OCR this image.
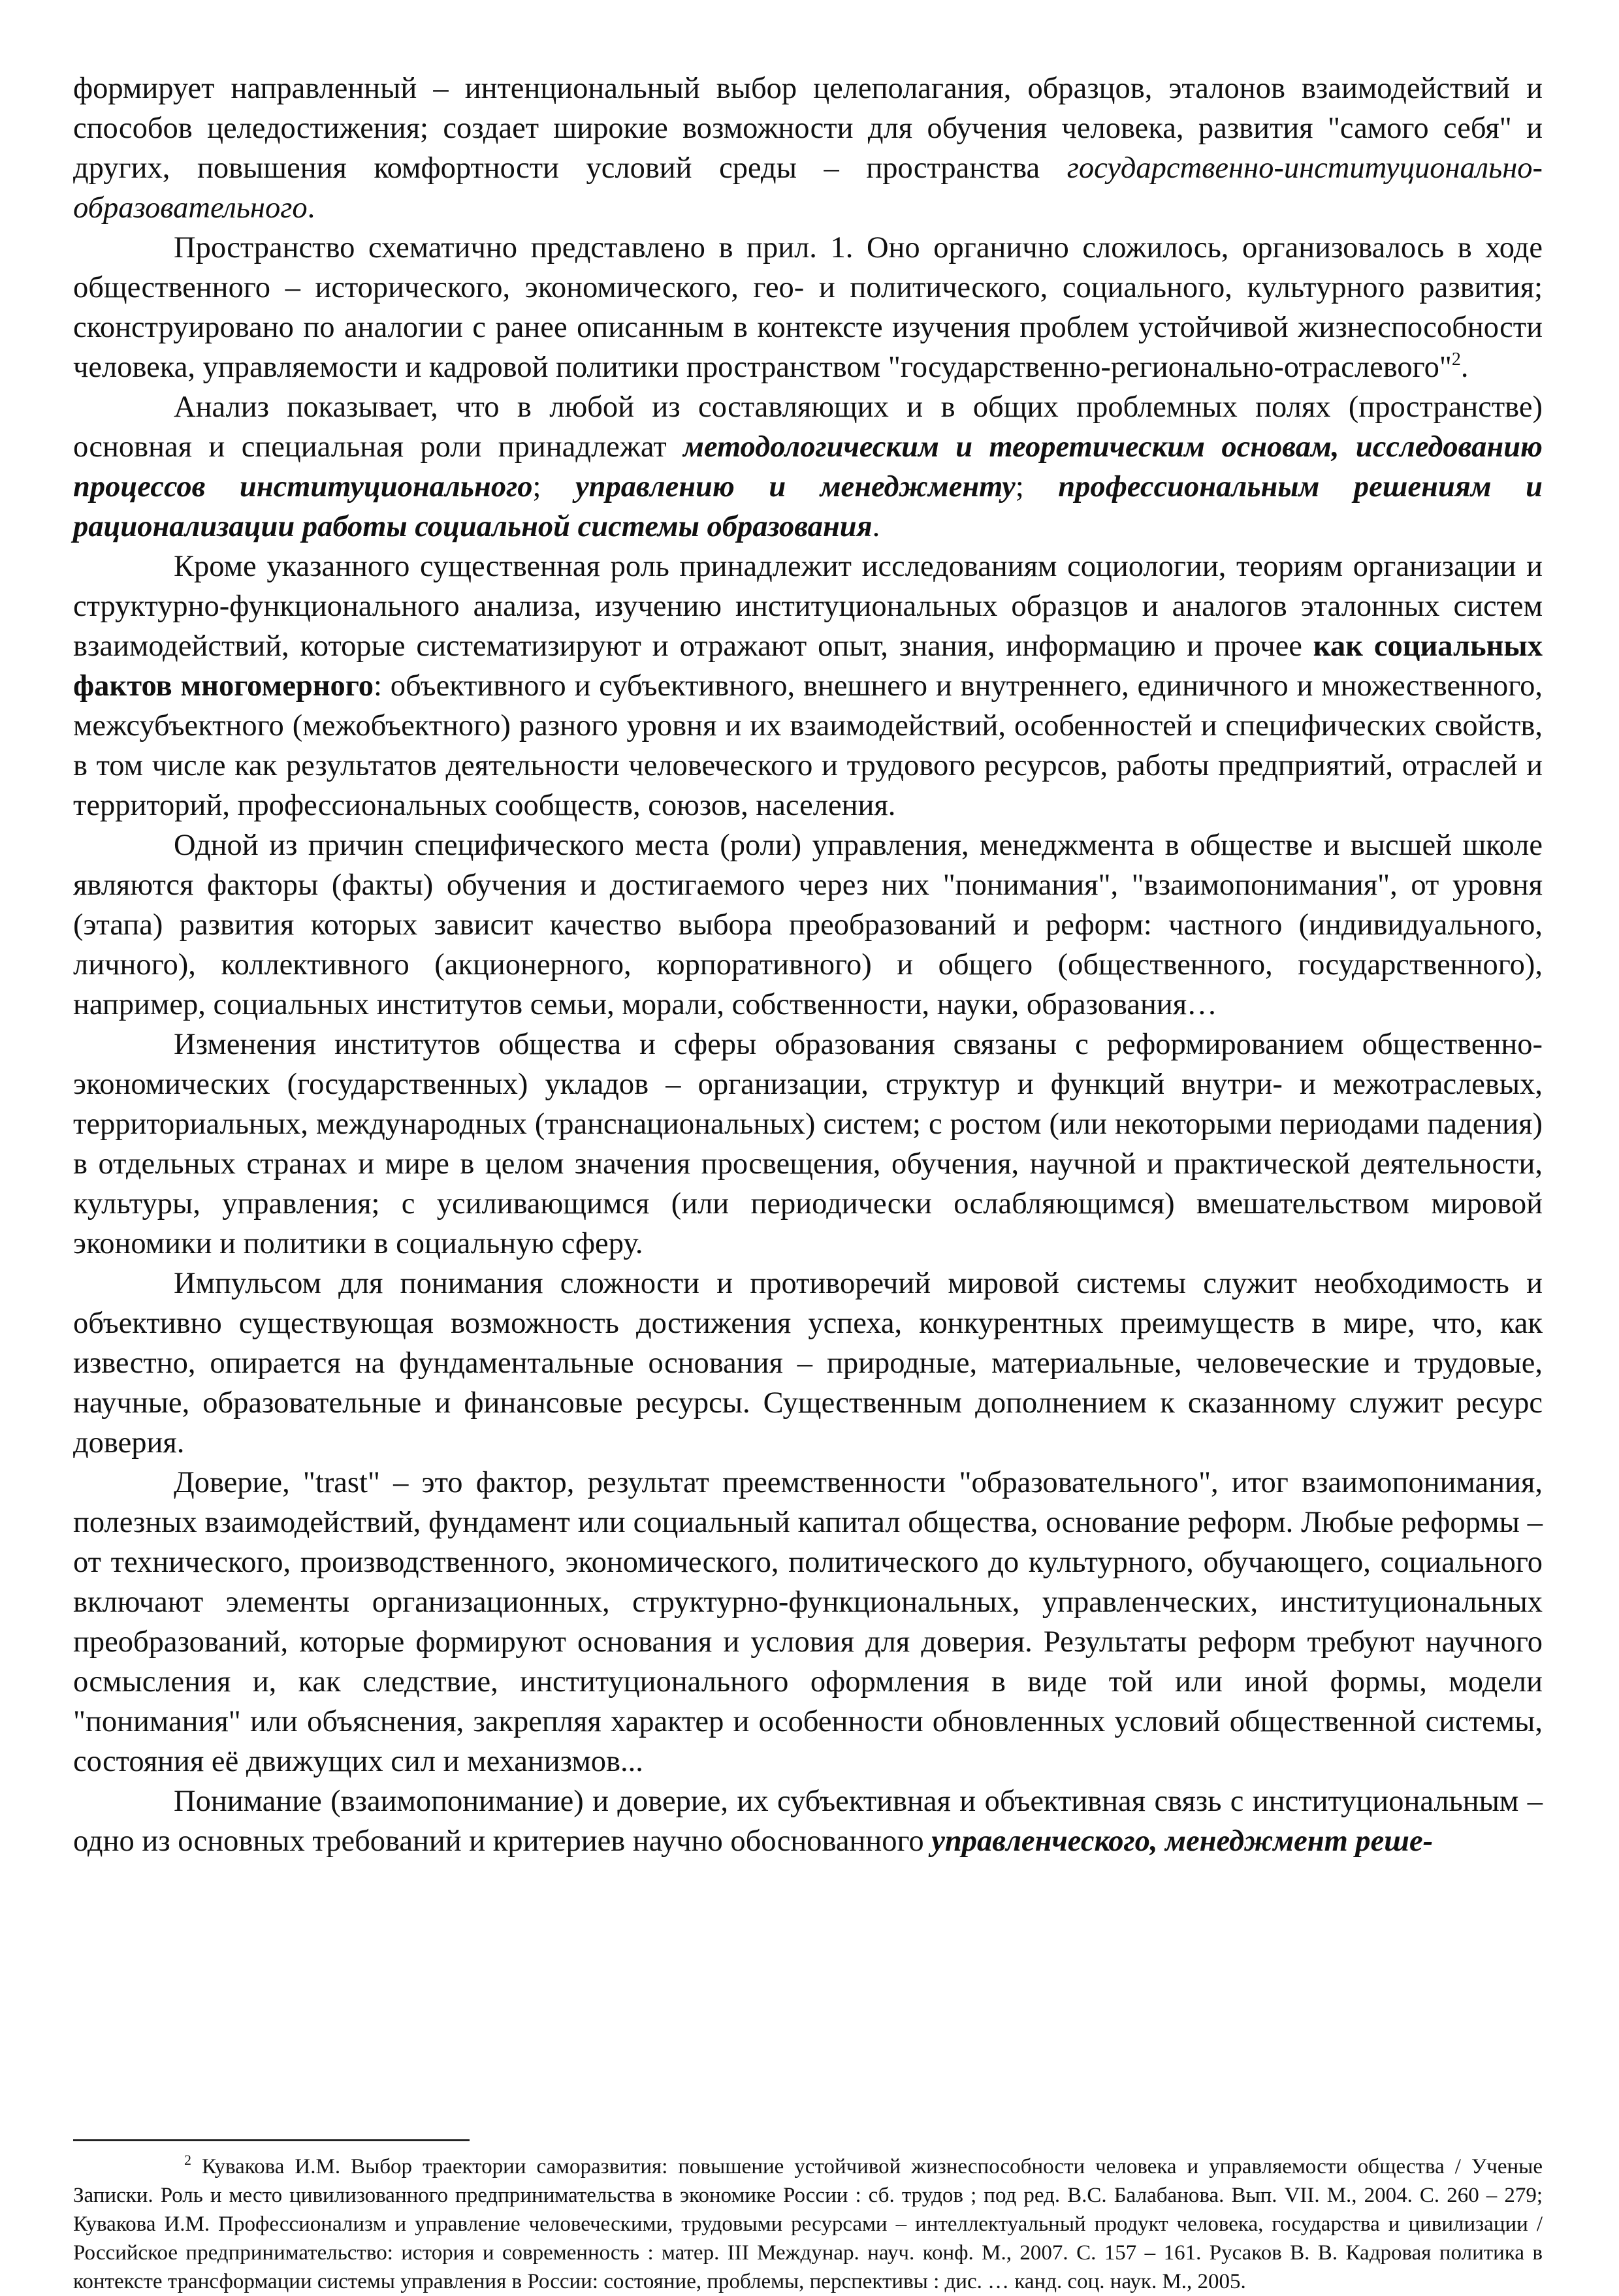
формирует направленный – интенциональный выбор целеполагания, образцов, эталонов взаимодействий и способов целедостижения; создает широкие возможности для обучения человека, развития "самого себя" и других, повышения комфортности условий среды – пространства государственно-институционально-образовательного.

Пространство схематично представлено в прил. 1. Оно органично сложилось, организовалось в ходе общественного – исторического, экономического, гео- и политического, социального, культурного развития; сконструировано по аналогии с ранее описанным в контексте изучения проблем устойчивой жизнеспособности человека, управляемости и кадровой политики пространством "государственно-регионально-отраслевого"$^2$.

Анализ показывает, что в любой из составляющих и в общих проблемных полях (пространстве) основная и специальная роли принадлежат методологическим и теоретическим основам, исследованию процессов институционального; управлению и менеджменту; профессиональным решениям и рационализации работы социальной системы образования.

Кроме указанного существенная роль принадлежит исследованиям социологии, теориям организации и структурно-функционального анализа, изучению институциональных образцов и аналогов эталонных систем взаимодействий, которые систематизируют и отражают опыт, знания, информацию и прочее как социальных фактов многомерного: объективного и субъективного, внешнего и внутреннего, единичного и множественного, межсубъектного (межобъектного) разного уровня и их взаимодействий, особенностей и специфических свойств, в том числе как результатов деятельности человеческого и трудового ресурсов, работы предприятий, отраслей и территорий, профессиональных сообществ, союзов, населения.

Одной из причин специфического места (роли) управления, менеджмента в обществе и высшей школе являются факторы (факты) обучения и достигаемого через них "понимания", "взаимопонимания", от уровня (этапа) развития которых зависит качество выбора преобразований и реформ: частного (индивидуального, личного), коллективного (акционерного, корпоративного) и общего (общественного, государственного), например, социальных институтов семьи, морали, собственности, науки, образования…

Изменения институтов общества и сферы образования связаны с реформированием общественно-экономических (государственных) укладов – организации, структур и функций внутри- и межотраслевых, территориальных, международных (транснациональных) систем; с ростом (или некоторыми периодами падения) в отдельных странах и мире в целом значения просвещения, обучения, научной и практической деятельности, культуры, управления; с усиливающимся (или периодически ослабляющимся) вмешательством мировой экономики и политики в социальную сферу.

Импульсом для понимания сложности и противоречий мировой системы служит необходимость и объективно существующая возможность достижения успеха, конкурентных преимуществ в мире, что, как известно, опирается на фундаментальные основания – природные, материальные, человеческие и трудовые, научные, образовательные и финансовые ресурсы. Существенным дополнением к сказанному служит ресурс доверия.

Доверие, "trast" – это фактор, результат преемственности "образовательного", итог взаимопонимания, полезных взаимодействий, фундамент или социальный капитал общества, основание реформ. Любые реформы – от технического, производственного, экономического, политического до культурного, обучающего, социального включают элементы организационных, структурно-функциональных, управленческих, институциональных преобразований, которые формируют основания и условия для доверия. Результаты реформ требуют научного осмысления и, как следствие, институционального оформления в виде той или иной формы, модели "понимания" или объяснения, закрепляя характер и особенности обновленных условий общественной системы, состояния её движущих сил и механизмов...

Понимание (взаимопонимание) и доверие, их субъективная и объективная связь с институциональным – одно из основных требований и критериев научно обоснованного управленческого, менеджмент реше-

$^2$ Кувакова И.М. Выбор траектории саморазвития: повышение устойчивой жизнеспособности человека и управляемости общества / Ученые Записки. Роль и место цивилизованного предпринимательства в экономике России : сб. трудов ; под ред. В.С. Балабанова. Вып. VII. М., 2004. С. 260 – 279; Кувакова И.М. Профессионализм и управление человеческими, трудовыми ресурсами – интеллектуальный продукт человека, государства и цивилизации / Российское предпринимательство: история и современность : матер. III Междунар. науч. конф. М., 2007. С. 157 – 161. Русаков В. В. Кадровая политика в контексте трансформации системы управления в России: состояние, проблемы, перспективы : дис. … канд. соц. наук. М., 2005.
